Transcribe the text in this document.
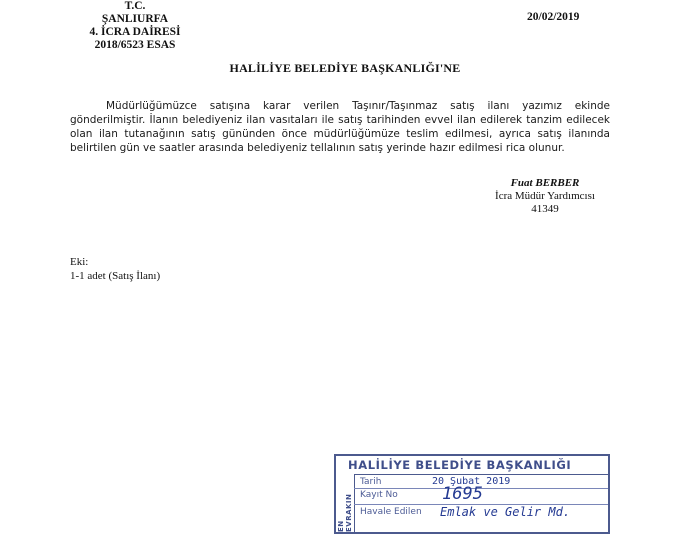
T.C.
ŞANLIURFA
4. İCRA DAİRESİ
2018/6523 ESAS
20/02/2019
HALİLİYE BELEDİYE BAŞKANLIĞI'NE

Müdürlüğümüzce satışına karar verilen Taşınır/Taşınmaz satış ilanı yazımız ekinde gönderilmiştir. İlanın belediyeniz ilan vasıtaları ile satış tarihinden evvel ilan edilerek tanzim edilecek olan ilan tutanağının satış gününden önce müdürlüğümüze teslim edilmesi, ayrıca satış ilanında belirtilen gün ve saatler arasında belediyeniz tellalının satış yerinde hazır edilmesi rica olunur.

Fuat BERBER
İcra Müdür Yardımcısı
41349
Eki:
1-1 adet (Satış İlanı)
HALİLİYE BELEDİYE BAŞKANLIĞI
EN EVRAKIN
Tarih	20 Şubat 2019
Kayıt No	1695
Havale Edilen Emlak ve Gelir Md.
